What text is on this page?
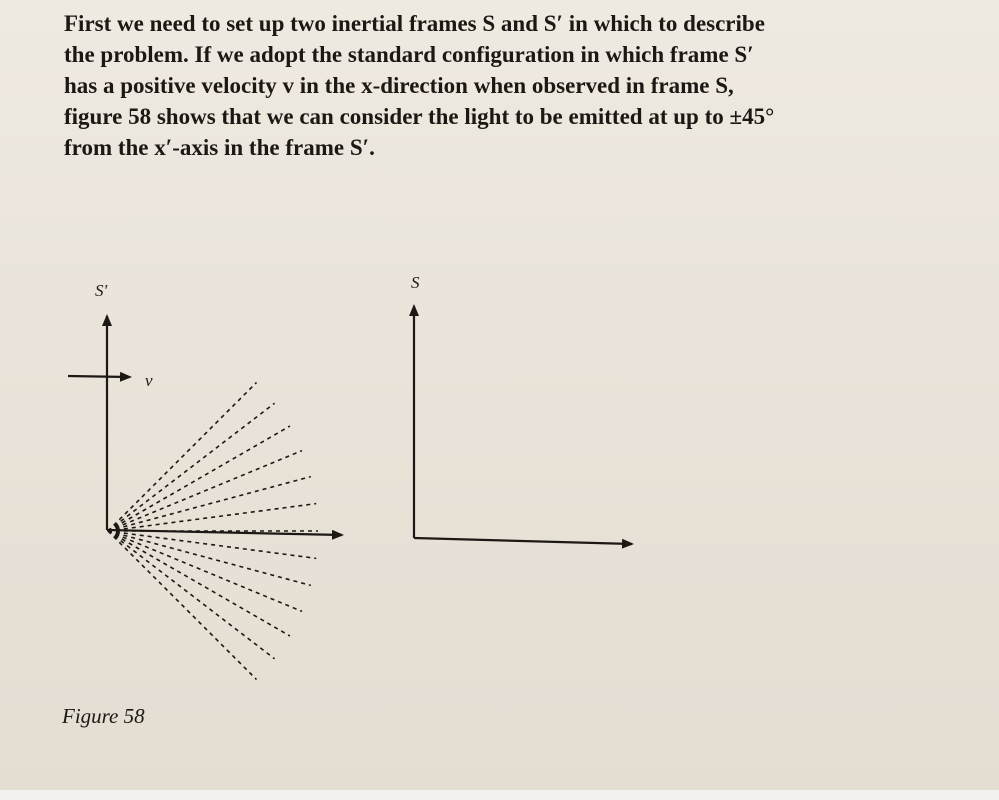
First we need to set up two inertial frames S and S′ in which to describe
the problem. If we adopt the standard configuration in which frame S′
has a positive velocity v in the x-direction when observed in frame S,
figure 58 shows that we can consider the light to be emitted at up to ±45°
from the x′-axis in the frame S′.
S'
v
S
Figure 58
